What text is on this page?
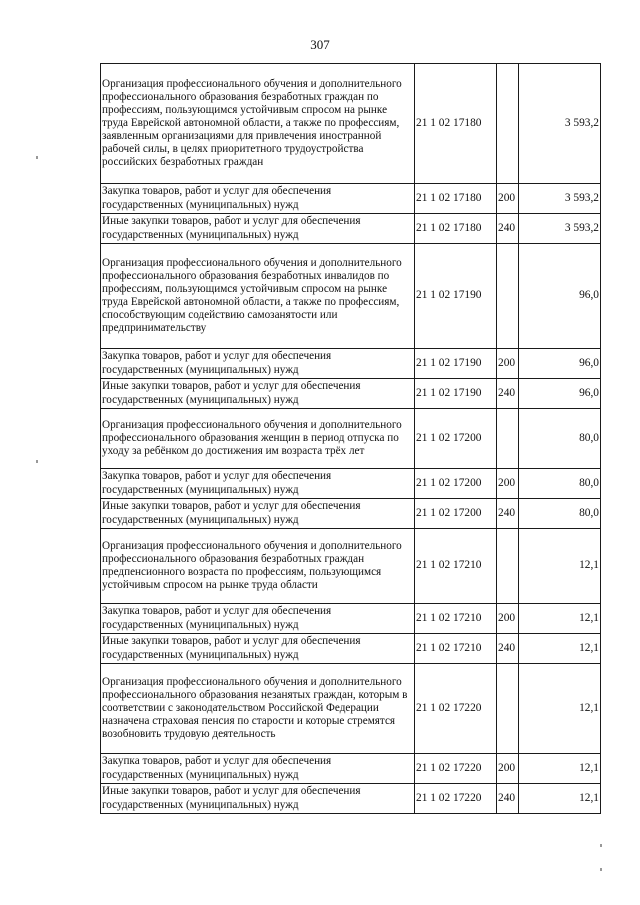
307
Организация профессионального обучения и дополнительного профессионального образования безработных граждан по профессиям, пользующимся устойчивым спросом на рынке труда Еврейской автономной области, а также по профессиям, заявленным организациями для привлечения иностранной рабочей силы, в целях приоритетного трудоустройства российских безработных граждан	21 1 02 17180		3 593,2
Закупка товаров, работ и услуг для обеспечения государственных (муниципальных) нужд	21 1 02 17180	200	3 593,2
Иные закупки товаров, работ и услуг для обеспечения государственных (муниципальных) нужд	21 1 02 17180	240	3 593,2
Организация профессионального обучения и дополнительного профессионального образования безработных инвалидов по профессиям, пользующимся устойчивым спросом на рынке труда Еврейской автономной области, а также по профессиям, способствующим содействию самозанятости или предпринимательству	21 1 02 17190		96,0
Закупка товаров, работ и услуг для обеспечения государственных (муниципальных) нужд	21 1 02 17190	200	96,0
Иные закупки товаров, работ и услуг для обеспечения государственных (муниципальных) нужд	21 1 02 17190	240	96,0
Организация профессионального обучения и дополнительного профессионального образования женщин в период отпуска по уходу за ребёнком до достижения им возраста трёх лет	21 1 02 17200		80,0
Закупка товаров, работ и услуг для обеспечения государственных (муниципальных) нужд	21 1 02 17200	200	80,0
Иные закупки товаров, работ и услуг для обеспечения государственных (муниципальных) нужд	21 1 02 17200	240	80,0
Организация профессионального обучения и дополнительного профессионального образования безработных граждан предпенсионного возраста по профессиям, пользующимся устойчивым спросом на рынке труда области	21 1 02 17210		12,1
Закупка товаров, работ и услуг для обеспечения государственных (муниципальных) нужд	21 1 02 17210	200	12,1
Иные закупки товаров, работ и услуг для обеспечения государственных (муниципальных) нужд	21 1 02 17210	240	12,1
Организация профессионального обучения и дополнительного профессионального образования незанятых граждан, которым в соответствии с законодательством Российской Федерации назначена страховая пенсия по старости и которые стремятся возобновить трудовую деятельность	21 1 02 17220		12,1
Закупка товаров, работ и услуг для обеспечения государственных (муниципальных) нужд	21 1 02 17220	200	12,1
Иные закупки товаров, работ и услуг для обеспечения государственных (муниципальных) нужд	21 1 02 17220	240	12,1
